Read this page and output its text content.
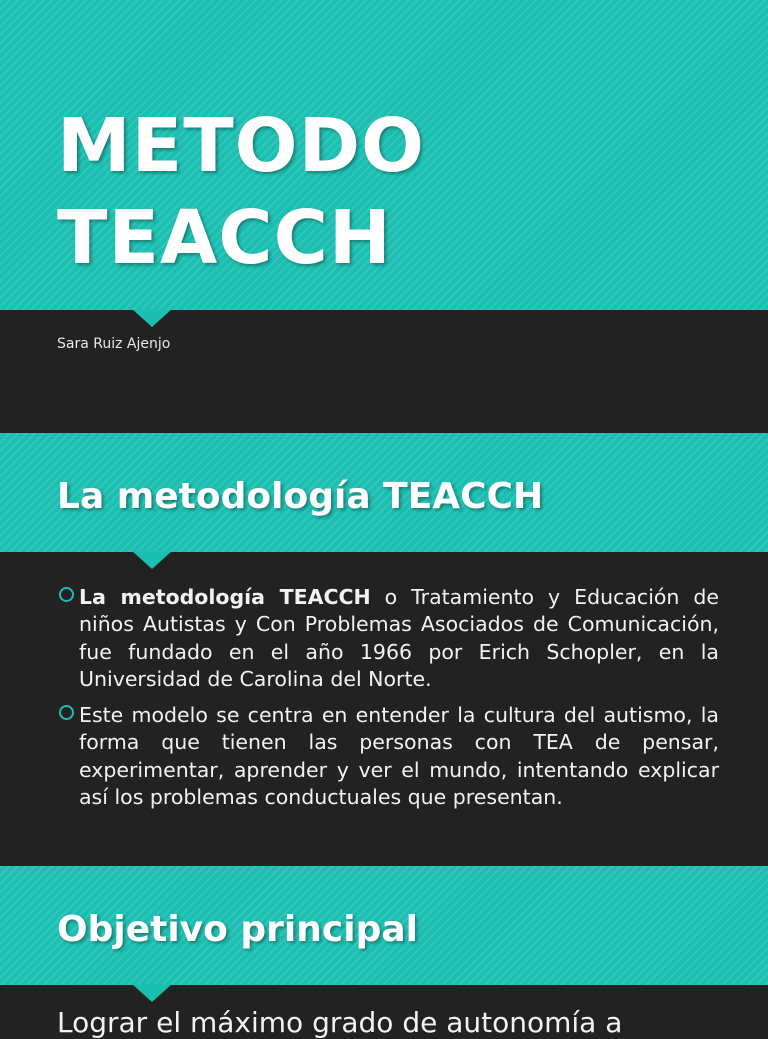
METODO
TEACCH
Sara Ruiz Ajenjo
La metodología TEACCH
La metodología TEACCH o Tratamiento y Educación de niños Autistas y Con Problemas Asociados de Comunicación, fue fundado en el año 1966 por Erich Schopler, en la Universidad de Carolina del Norte.
Este modelo se centra en entender la cultura del autismo, la forma que tienen las personas con TEA de pensar, experimentar, aprender y ver el mundo, intentando explicar así los problemas conductuales que presentan.
Objetivo principal
Lograr el máximo grado de autonomía a
